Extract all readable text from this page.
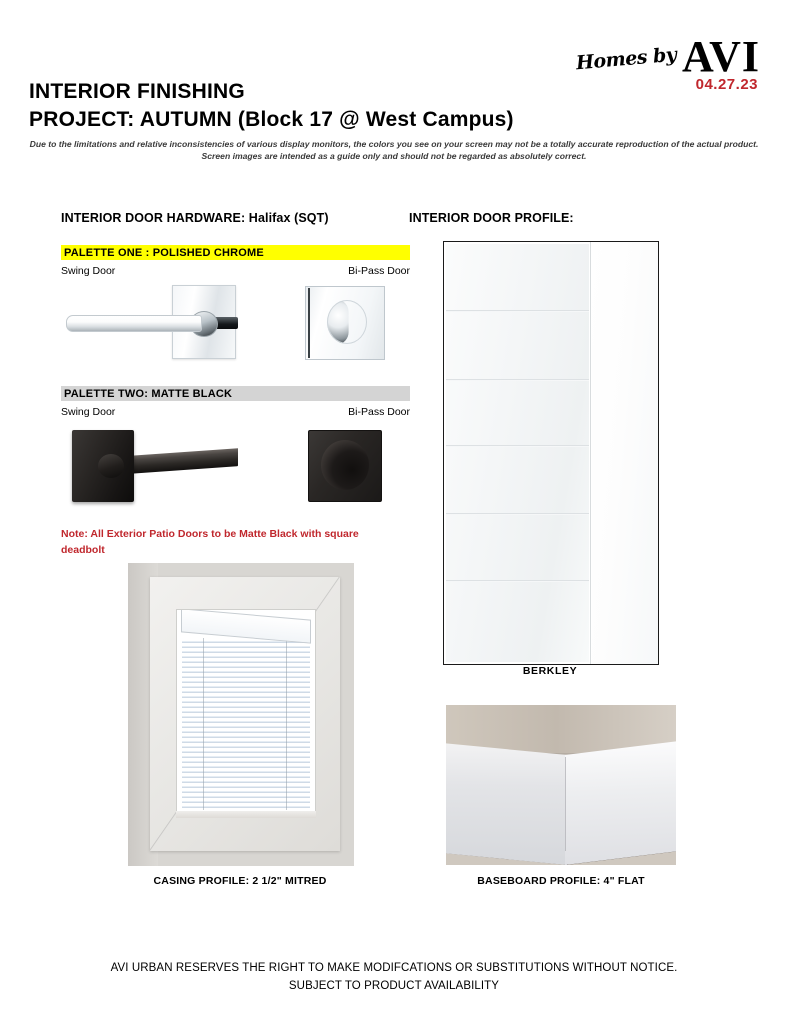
Homes by AVI
04.27.23
INTERIOR FINISHING
PROJECT: AUTUMN (Block 17 @ West Campus)
Due to the limitations and relative inconsistencies of various display monitors, the colors you see on your screen may not be a totally accurate reproduction of the actual product. Screen images are intended as a guide only and should not be regarded as absolutely correct.
INTERIOR DOOR HARDWARE: Halifax (SQT)	INTERIOR DOOR PROFILE:
PALETTE ONE : POLISHED CHROME
Swing Door	Bi-Pass Door
PALETTE TWO: MATTE BLACK
Swing Door	Bi-Pass Door
Note: All Exterior Patio Doors to be Matte Black with square deadbolt
BERKLEY
CASING PROFILE: 2 1/2" MITRED	BASEBOARD PROFILE: 4" FLAT
AVI URBAN RESERVES THE RIGHT TO MAKE MODIFCATIONS OR SUBSTITUTIONS WITHOUT NOTICE.
SUBJECT TO PRODUCT AVAILABILITY
